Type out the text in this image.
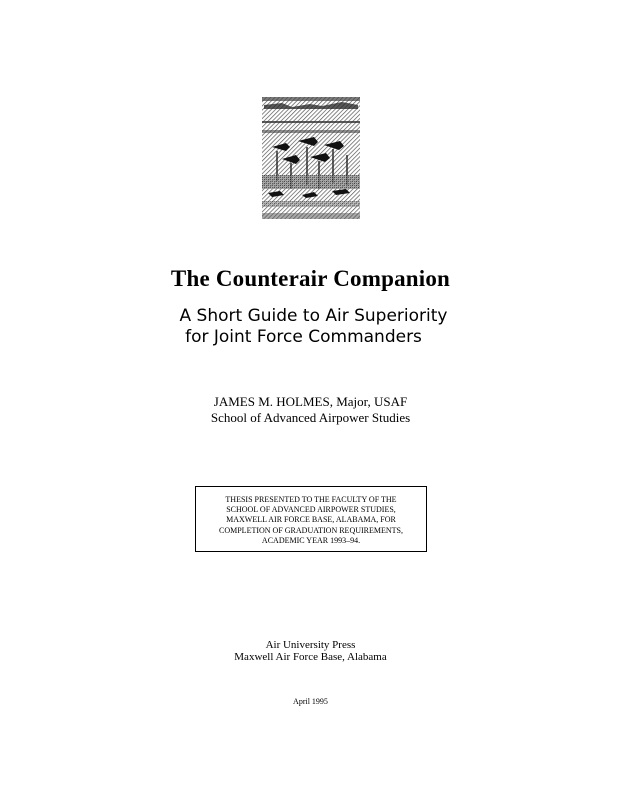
The Counterair Companion
A Short Guide to Air Superiority
for Joint Force Commanders
JAMES M. HOLMES, Major, USAF
School of Advanced Airpower Studies
THESIS PRESENTED TO THE FACULTY OF THE
SCHOOL OF ADVANCED AIRPOWER STUDIES,
MAXWELL AIR FORCE BASE, ALABAMA, FOR
COMPLETION OF GRADUATION REQUIREMENTS,
ACADEMIC YEAR 1993–94.
Air University Press
Maxwell Air Force Base, Alabama
April 1995
